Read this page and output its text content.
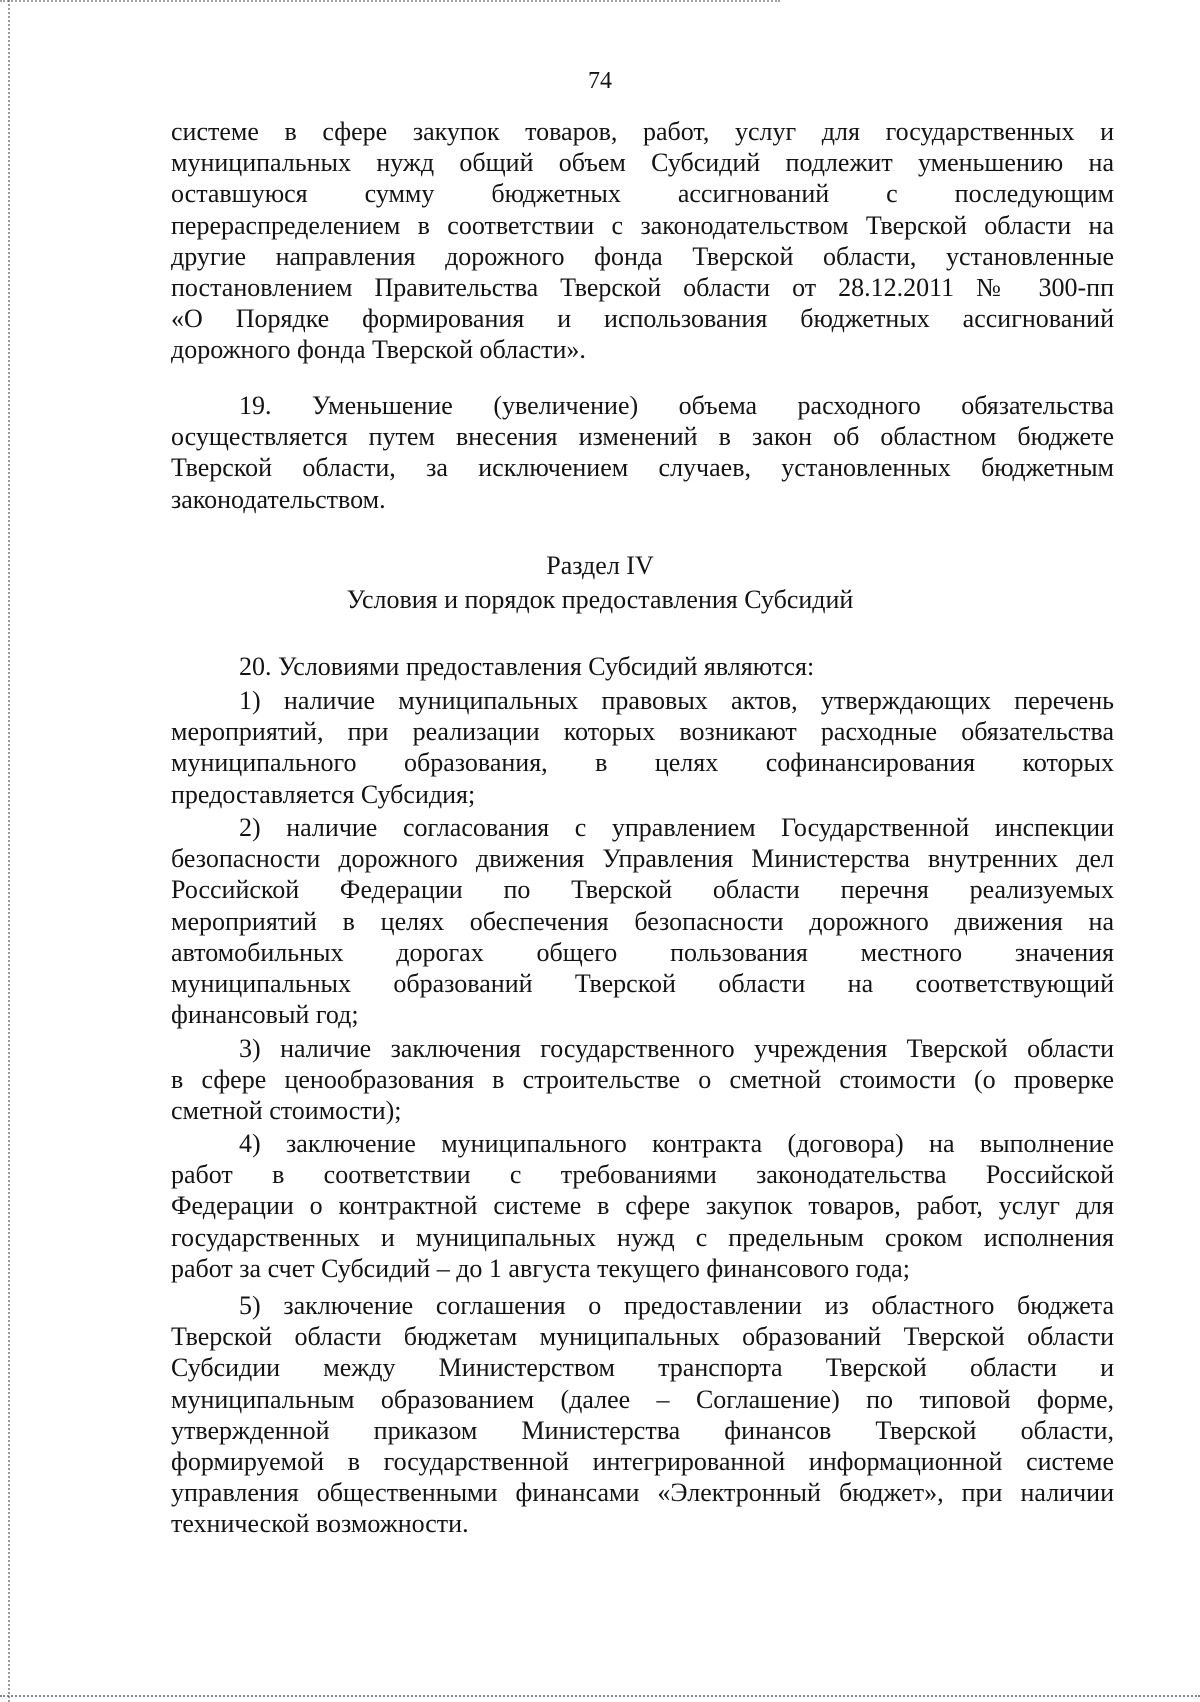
74
системе в сфере закупок товаров, работ, услуг для государственных и
муниципальных нужд общий объем Субсидий подлежит уменьшению на
оставшуюся сумму бюджетных ассигнований с последующим
перераспределением в соответствии с законодательством Тверской области на
другие направления дорожного фонда Тверской области, установленные
постановлением Правительства Тверской области от 28.12.2011 № 300-пп
«О Порядке формирования и использования бюджетных ассигнований
дорожного фонда Тверской области».
19. Уменьшение (увеличение) объема расходного обязательства
осуществляется путем внесения изменений в закон об областном бюджете
Тверской области, за исключением случаев, установленных бюджетным
законодательством.
Раздел IV
Условия и порядок предоставления Субсидий
20. Условиями предоставления Субсидий являются:
1) наличие муниципальных правовых актов, утверждающих перечень
мероприятий, при реализации которых возникают расходные обязательства
муниципального образования, в целях софинансирования которых
предоставляется Субсидия;
2) наличие согласования с управлением Государственной инспекции
безопасности дорожного движения Управления Министерства внутренних дел
Российской Федерации по Тверской области перечня реализуемых
мероприятий в целях обеспечения безопасности дорожного движения на
автомобильных дорогах общего пользования местного значения
муниципальных образований Тверской области на соответствующий
финансовый год;
3) наличие заключения государственного учреждения Тверской области
в сфере ценообразования в строительстве о сметной стоимости (о проверке
сметной стоимости);
4) заключение муниципального контракта (договора) на выполнение
работ в соответствии с требованиями законодательства Российской
Федерации о контрактной системе в сфере закупок товаров, работ, услуг для
государственных и муниципальных нужд с предельным сроком исполнения
работ за счет Субсидий – до 1 августа текущего финансового года;
5) заключение соглашения о предоставлении из областного бюджета
Тверской области бюджетам муниципальных образований Тверской области
Субсидии между Министерством транспорта Тверской области и
муниципальным образованием (далее – Соглашение) по типовой форме,
утвержденной приказом Министерства финансов Тверской области,
формируемой в государственной интегрированной информационной системе
управления общественными финансами «Электронный бюджет», при наличии
технической возможности.
